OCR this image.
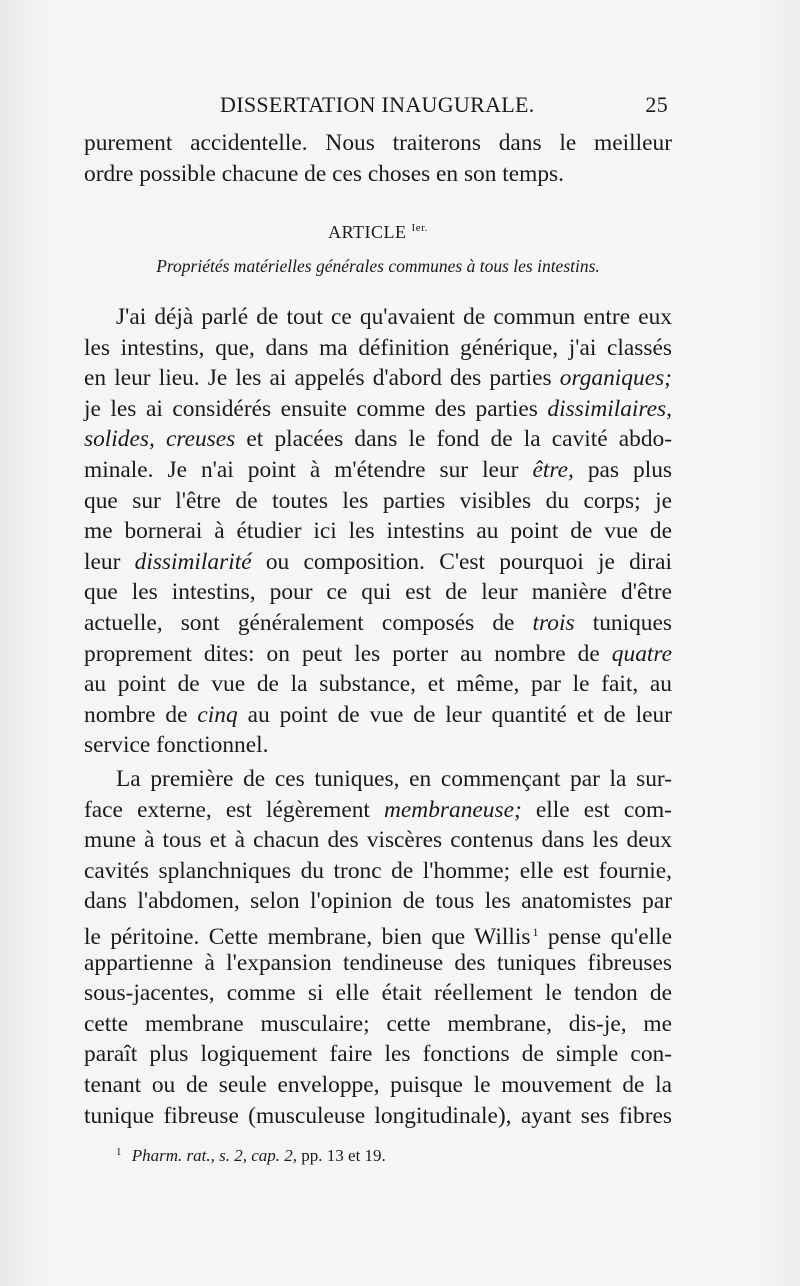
DISSERTATION INAUGURALE.	25
purement accidentelle. Nous traiterons dans le meilleur
ordre possible chacune de ces choses en son temps.
ARTICLE $^{Ier.}$
Propriétés matérielles générales communes à tous les intestins.
J'ai déjà parlé de tout ce qu'avaient de commun entre eux
les intestins, que, dans ma définition générique, j'ai classés
en leur lieu. Je les ai appelés d'abord des parties organiques;
je les ai considérés ensuite comme des parties dissimilaires,
solides, creuses et placées dans le fond de la cavité abdo-
minale. Je n'ai point à m'étendre sur leur être, pas plus
que sur l'être de toutes les parties visibles du corps; je
me bornerai à étudier ici les intestins au point de vue de
leur dissimilarité ou composition. C'est pourquoi je dirai
que les intestins, pour ce qui est de leur manière d'être
actuelle, sont généralement composés de trois tuniques
proprement dites: on peut les porter au nombre de quatre
au point de vue de la substance, et même, par le fait, au
nombre de cinq au point de vue de leur quantité et de leur
service fonctionnel.
La première de ces tuniques, en commençant par la sur-
face externe, est légèrement membraneuse; elle est com-
mune à tous et à chacun des viscères contenus dans les deux
cavités splanchniques du tronc de l'homme; elle est fournie,
dans l'abdomen, selon l'opinion de tous les anatomistes par
le péritoine. Cette membrane, bien que Willis $^1$ pense qu'elle
appartienne à l'expansion tendineuse des tuniques fibreuses
sous-jacentes, comme si elle était réellement le tendon de
cette membrane musculaire; cette membrane, dis-je, me
paraît plus logiquement faire les fonctions de simple con-
tenant ou de seule enveloppe, puisque le mouvement de la
tunique fibreuse (musculeuse longitudinale), ayant ses fibres
$^1$ Pharm. rat., s. 2, cap. 2, pp. 13 et 19.
